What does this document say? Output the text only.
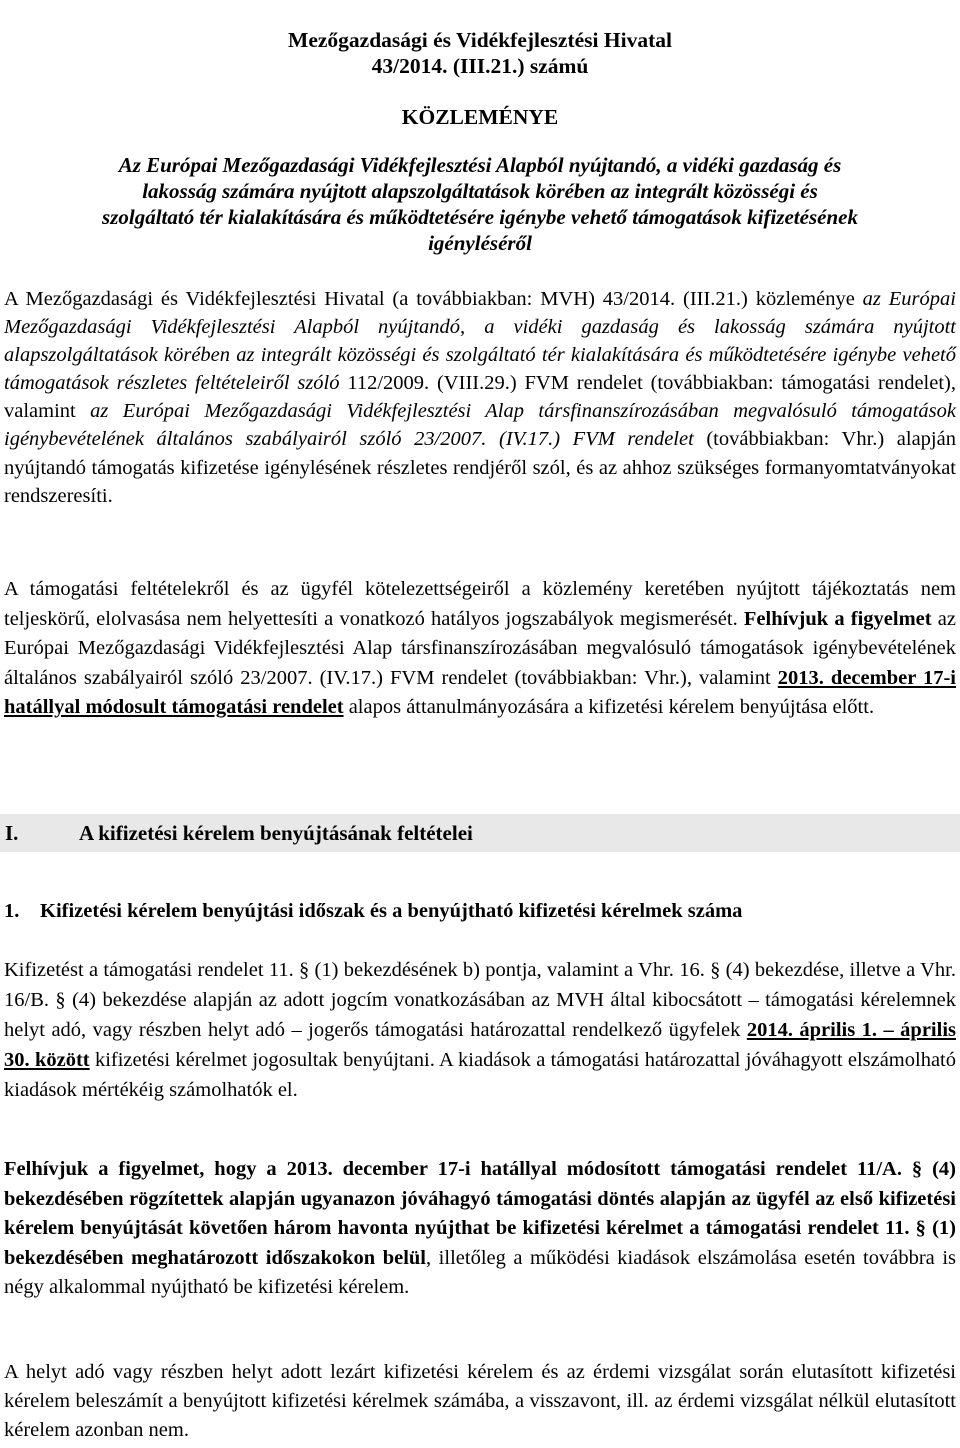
Mezőgazdasági és Vidékfejlesztési Hivatal
43/2014. (III.21.) számú
KÖZLEMÉNYE
Az Európai Mezőgazdasági Vidékfejlesztési Alapból nyújtandó, a vidéki gazdaság és
lakosság számára nyújtott alapszolgáltatások körében az integrált közösségi és
szolgáltató tér kialakítására és működtetésére igénybe vehető támogatások kifizetésének
igényléséről
A Mezőgazdasági és Vidékfejlesztési Hivatal (a továbbiakban: MVH) 43/2014. (III.21.) közleménye az Európai Mezőgazdasági Vidékfejlesztési Alapból nyújtandó, a vidéki gazdaság és lakosság számára nyújtott alapszolgáltatások körében az integrált közösségi és szolgáltató tér kialakítására és működtetésére igénybe vehető támogatások részletes feltételeiről szóló 112/2009. (VIII.29.) FVM rendelet (továbbiakban: támogatási rendelet), valamint az Európai Mezőgazdasági Vidékfejlesztési Alap társfinanszírozásában megvalósuló támogatások igénybevételének általános szabályairól szóló 23/2007. (IV.17.) FVM rendelet (továbbiakban: Vhr.) alapján nyújtandó támogatás kifizetése igénylésének részletes rendjéről szól, és az ahhoz szükséges formanyomtatványokat rendszeresíti.
A támogatási feltételekről és az ügyfél kötelezettségeiről a közlemény keretében nyújtott tájékoztatás nem teljeskörű, elolvasása nem helyettesíti a vonatkozó hatályos jogszabályok megismerését. Felhívjuk a figyelmet az Európai Mezőgazdasági Vidékfejlesztési Alap társfinanszírozásában megvalósuló támogatások igénybevételének általános szabályairól szóló 23/2007. (IV.17.) FVM rendelet (továbbiakban: Vhr.), valamint 2013. december 17-i hatállyal módosult támogatási rendelet alapos áttanulmányozására a kifizetési kérelem benyújtása előtt.
I.	A kifizetési kérelem benyújtásának feltételei
1. Kifizetési kérelem benyújtási időszak és a benyújtható kifizetési kérelmek száma
Kifizetést a támogatási rendelet 11. § (1) bekezdésének b) pontja, valamint a Vhr. 16. § (4) bekezdése, illetve a Vhr. 16/B. § (4) bekezdése alapján az adott jogcím vonatkozásában az MVH által kibocsátott – támogatási kérelemnek helyt adó, vagy részben helyt adó – jogerős támogatási határozattal rendelkező ügyfelek 2014. április 1. – április 30. között kifizetési kérelmet jogosultak benyújtani. A kiadások a támogatási határozattal jóváhagyott elszámolható kiadások mértékéig számolhatók el.
Felhívjuk a figyelmet, hogy a 2013. december 17-i hatállyal módosított támogatási rendelet 11/A. § (4) bekezdésében rögzítettek alapján ugyanazon jóváhagyó támogatási döntés alapján az ügyfél az első kifizetési kérelem benyújtását követően három havonta nyújthat be kifizetési kérelmet a támogatási rendelet 11. § (1) bekezdésében meghatározott időszakokon belül, illetőleg a működési kiadások elszámolása esetén továbbra is négy alkalommal nyújtható be kifizetési kérelem.
A helyt adó vagy részben helyt adott lezárt kifizetési kérelem és az érdemi vizsgálat során elutasított kifizetési kérelem beleszámít a benyújtott kifizetési kérelmek számába, a visszavont, ill. az érdemi vizsgálat nélkül elutasított kérelem azonban nem.
